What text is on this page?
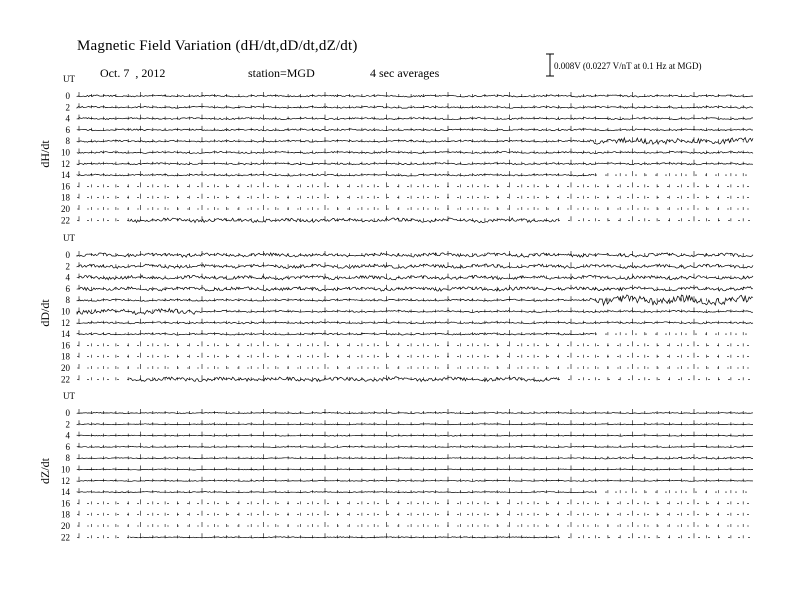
Magnetic Field Variation (dH/dt,dD/dt,dZ/dt)
Oct. 7  , 2012	station=MGD	4 sec averages	0.008V (0.0227 V/nT at 0.1 Hz at MGD)
UT
dH/dt
0
2
4
6
8
10
12
14
16
18
20
22
UT
dD/dt
0
2
4
6
8
10
12
14
16
18
20
22
UT
dZ/dt
0
2
4
6
8
10
12
14
16
18
20
22
